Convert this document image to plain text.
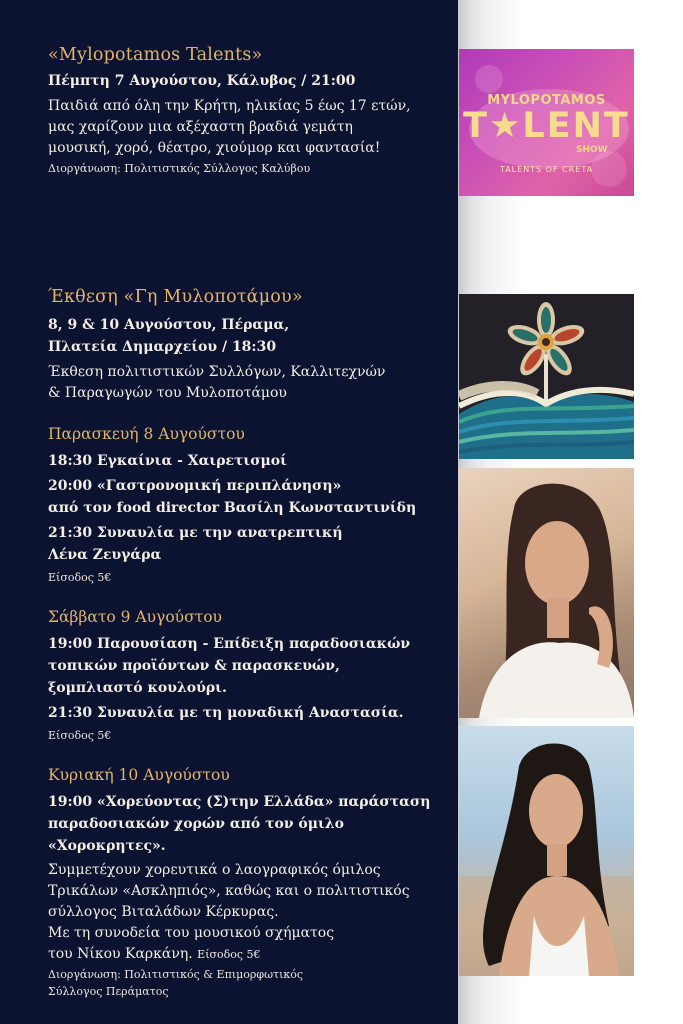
«Mylopotamos Talents»

Πέμπτη 7 Αυγούστου, Κάλυβος / 21:00

Παιδιά από όλη την Κρήτη, ηλικίας 5 έως 17 ετών,

μας χαρίζουν μια αξέχαστη βραδιά γεμάτη

μουσική, χορό, θέατρο, χιούμορ και φαντασία!

Διοργάνωση: Πολιτιστικός Σύλλογος Καλύβου

Έκθεση «Γη Μυλοποτάμου»

8, 9 & 10 Αυγούστου, Πέραμα,

Πλατεία Δημαρχείου / 18:30

Έκθεση πολιτιστικών Συλλόγων, Καλλιτεχνών

& Παραγωγών του Μυλοποτάμου

Παρασκευή 8 Αυγούστου

18:30 Εγκαίνια - Χαιρετισμοί

20:00 «Γαστρονομική περιπλάνηση»

από τον food director Βασίλη Κωνσταντινίδη

21:30 Συναυλία με την ανατρεπτική

Λένα Ζευγάρα

Είσοδος 5€

Σάββατο 9 Αυγούστου

19:00 Παρουσίαση - Επίδειξη παραδοσιακών

τοπικών προϊόντων & παρασκευών,

ξομπλιαστό κουλούρι.

21:30 Συναυλία με τη μοναδική Αναστασία.

Είσοδος 5€

Κυριακή 10 Αυγούστου

19:00 «Χορεύοντας (Σ)την Ελλάδα» παράσταση

παραδοσιακών χορών από τον όμιλο «Χοροκρητες».

Συμμετέχουν χορευτικά ο λαογραφικός όμιλος

Τρικάλων «Ασκληπιός», καθώς και ο πολιτιστικός

σύλλογος Βιταλάδων Κέρκυρας.

Με τη συνοδεία του μουσικού σχήματος

του Νίκου Καρκάνη. Είσοδος 5€

Διοργάνωση: Πολιτιστικός & Επιμορφωτικός

Σύλλογος Περάματος

MYLOPOTAMOS
T★LENT
SHOW
TALENTS OF CRETA
